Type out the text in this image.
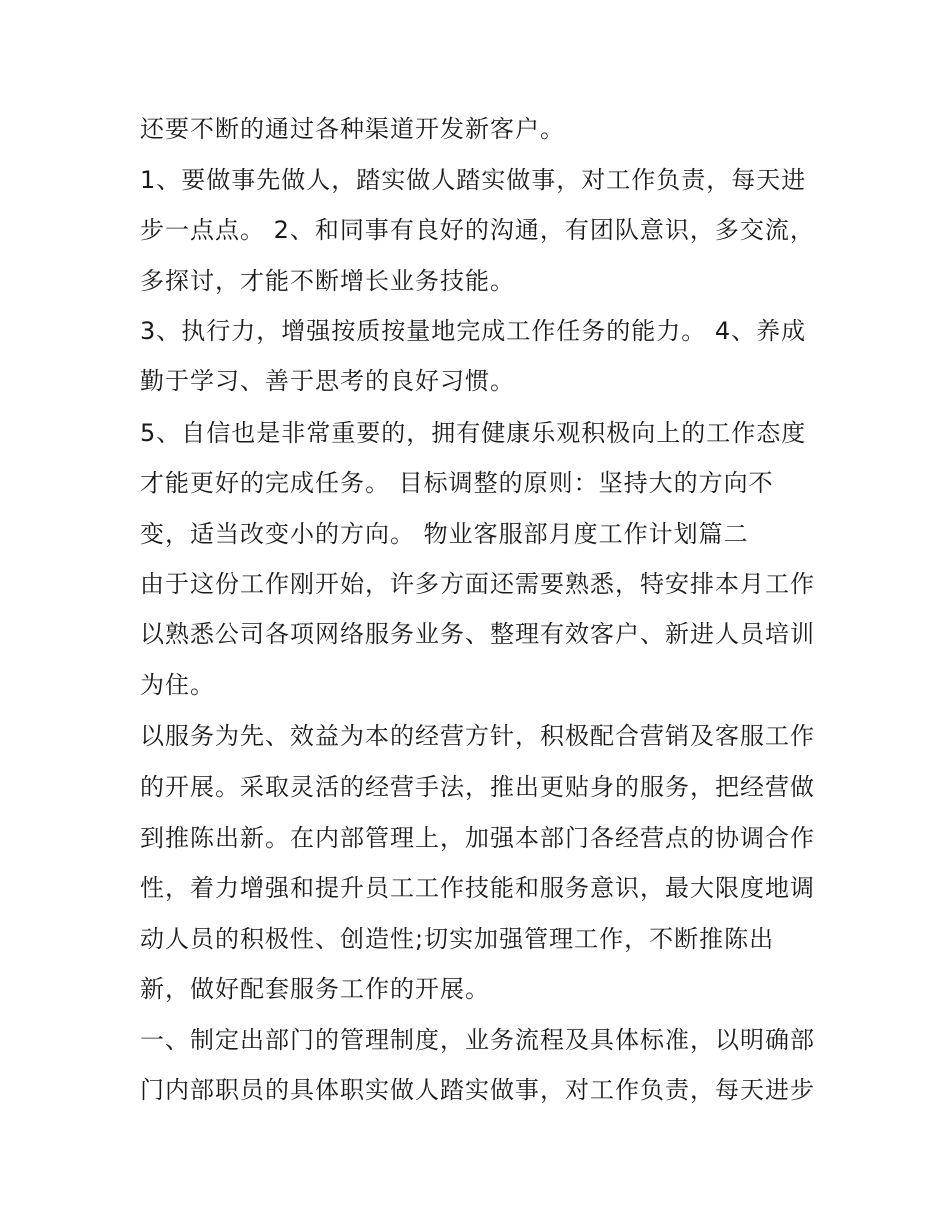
还要不断的通过各种渠道开发新客户。

1、要做事先做人，踏实做人踏实做事，对工作负责，每天进

步一点点。 2、和同事有良好的沟通，有团队意识，多交流，

多探讨，才能不断增长业务技能。

3、执行力，增强按质按量地完成工作任务的能力。 4、养成

勤于学习、善于思考的良好习惯。

5、自信也是非常重要的，拥有健康乐观积极向上的工作态度

才能更好的完成任务。 目标调整的原则：坚持大的方向不

变，适当改变小的方向。 物业客服部月度工作计划篇二

由于这份工作刚开始，许多方面还需要熟悉，特安排本月工作

以熟悉公司各项网络服务业务、整理有效客户、新进人员培训

为住。

以服务为先、效益为本的经营方针，积极配合营销及客服工作

的开展。采取灵活的经营手法，推出更贴身的服务，把经营做

到推陈出新。在内部管理上，加强本部门各经营点的协调合作

性，着力增强和提升员工工作技能和服务意识，最大限度地调

动人员的积极性、创造性;切实加强管理工作，不断推陈出

新，做好配套服务工作的开展。

一、制定出部门的管理制度，业务流程及具体标准，以明确部

门内部职员的具体职实做人踏实做事，对工作负责，每天进步
